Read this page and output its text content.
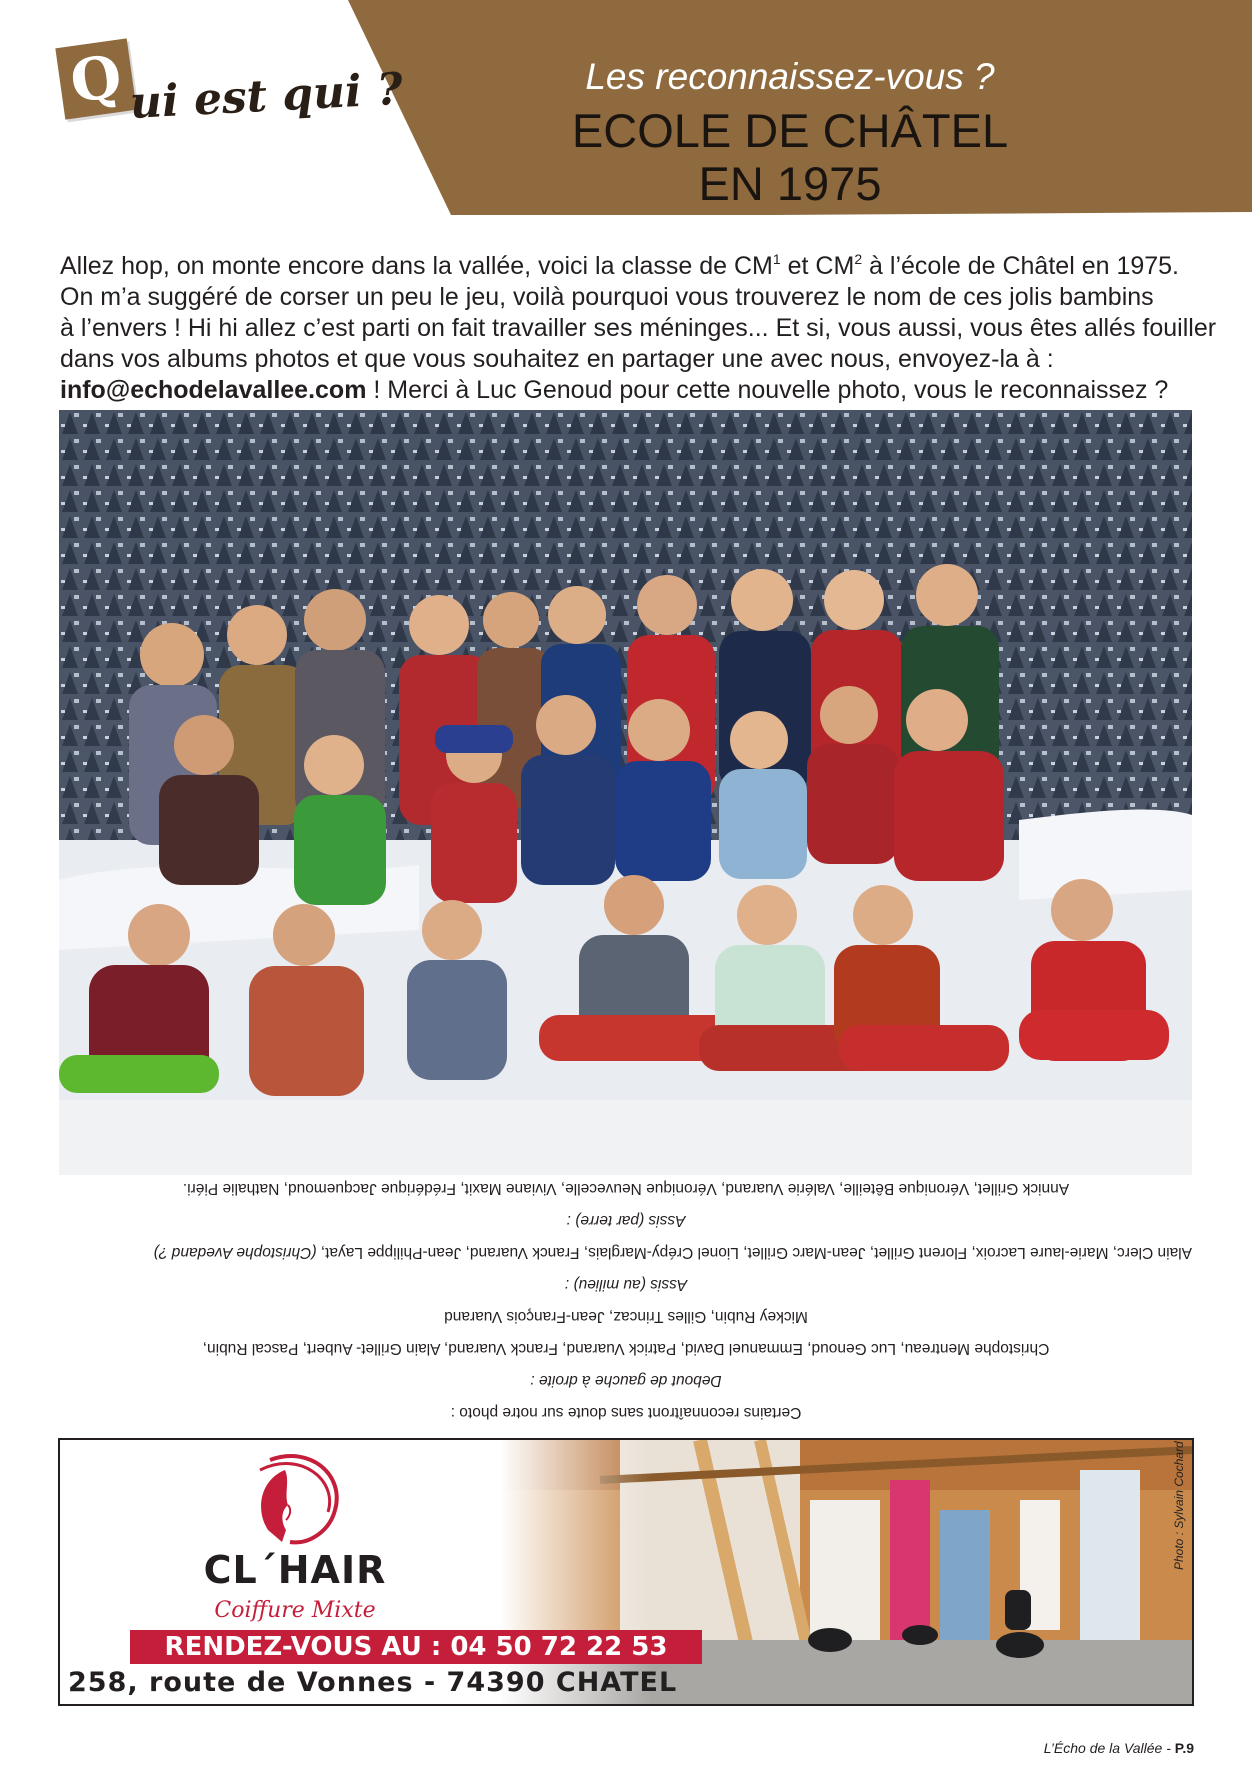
Q ui est qui ?	Les reconnaissez-vous ?
ECOLE DE CHÂTEL
EN 1975
Allez hop, on monte encore dans la vallée, voici la classe de $CM^1$ et $CM^2$ à l’école de Châtel en 1975.
On m’a suggéré de corser un peu le jeu, voilà pourquoi vous trouverez le nom de ces jolis bambins
à l’envers ! Hi hi allez c’est parti on fait travailler ses méninges... Et si, vous aussi, vous êtes allés fouiller
dans vos albums photos et que vous souhaitez en partager une avec nous, envoyez-la à :
info@echodelavallee.com ! Merci à Luc Genoud pour cette nouvelle photo, vous le reconnaissez ?
Certains reconnaîtront sans doute sur notre photo :
Debout de gauche à droite :
Christophe Mentreau, Luc Genoud, Emmanuel David, Patrick Vuarand, Franck Vuarand, Alain Grillet- Aubert, Pascal Rubin,
Mickey Rubin, Gilles Trincaz, Jean-François Vuarand
Assis (au milieu) :
Alain Clerc, Marie-laure Lacroix, Florent Grillet, Jean-Marc Grillet, Lionel Crépy-Marglais, Franck Vuarand, Jean-Philippe Layat, (Christophe Avedand ?)
Assis (par terre) :
Annick Grillet, Véronique Bêteille, Valérie Vuarand, Véronique Neuvecelle, Viviane Maxit, Frédérique Jacquemoud, Nathalie Piéri.
CL´HAIR
Coiffure Mixte
RENDEZ-VOUS AU : 04 50 72 22 53
258, route de Vonnes - 74390 CHATEL
Photo : Sylvain Cochard
L’Écho de la Vallée - P.9
